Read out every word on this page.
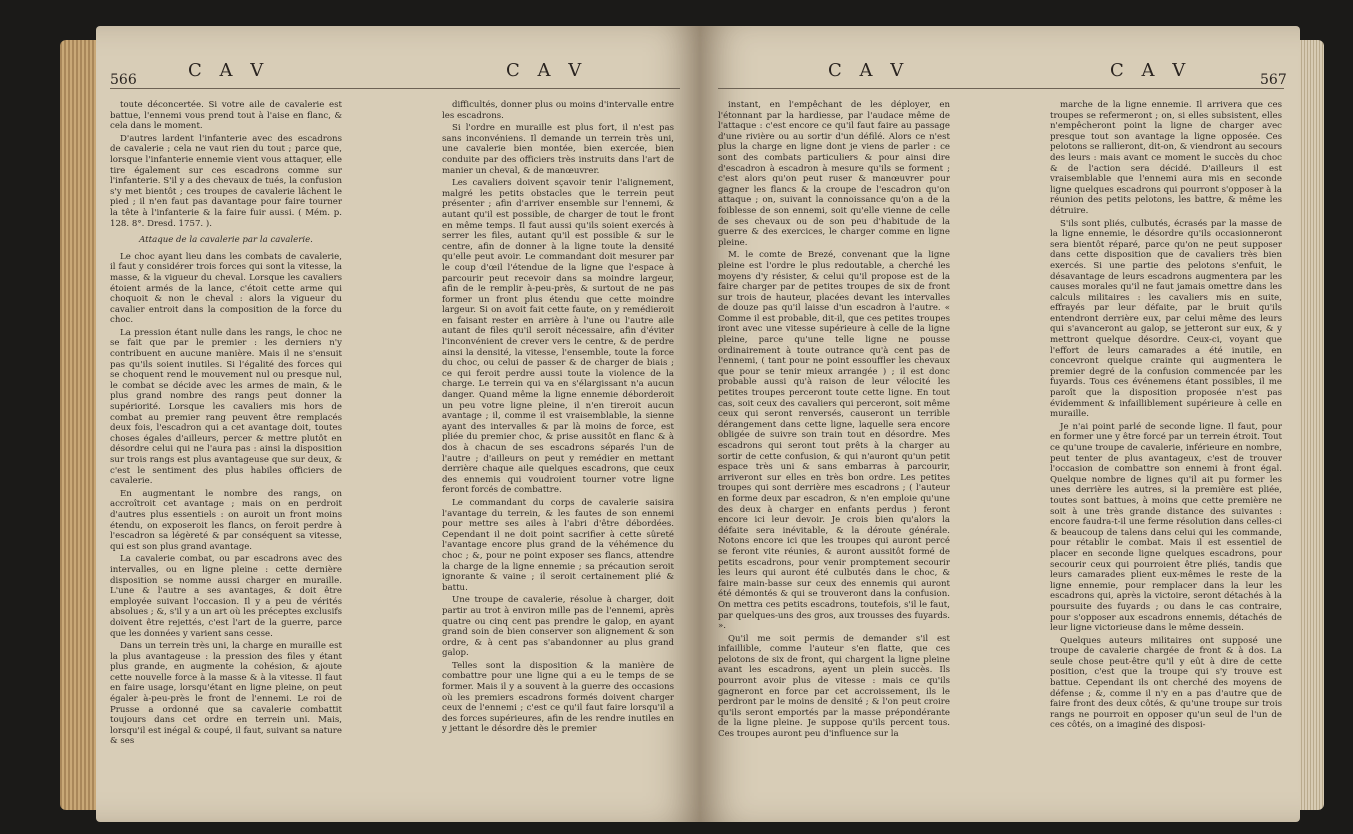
566	C A V	C A V

toute déconcertée. Si votre aile de cavalerie est battue, l'ennemi vous prend tout à l'aise en flanc, & cela dans le moment.

D'autres lardent l'infanterie avec des escadrons de cavalerie ; cela ne vaut rien du tout ; parce que, lorsque l'infanterie ennemie vient vous attaquer, elle tire également sur ces escadrons comme sur l'infanterie. S'il y a des chevaux de tués, la confusion s'y met bientôt ; ces troupes de cavalerie lâchent le pied ; il n'en faut pas davantage pour faire tourner la tête à l'infanterie & la faire fuir aussi. ( Mém. p. 128. 8°. Dresd. 1757. ).

Attaque de la cavalerie par la cavalerie.

Le choc ayant lieu dans les combats de cavalerie, il faut y considérer trois forces qui sont la vitesse, la masse, & la vigueur du cheval. Lorsque les cavaliers étoient armés de la lance, c'étoit cette arme qui choquoit & non le cheval : alors la vigueur du cavalier entroit dans la composition de la force du choc.

La pression étant nulle dans les rangs, le choc ne se fait que par le premier : les derniers n'y contribuent en aucune manière. Mais il ne s'ensuit pas qu'ils soient inutiles. Si l'égalité des forces qui se choquent rend le mouvement nul ou presque nul, le combat se décide avec les armes de main, & le plus grand nombre des rangs peut donner la supériorité. Lorsque les cavaliers mis hors de combat au premier rang peuvent être remplacés deux fois, l'escadron qui a cet avantage doit, toutes choses égales d'ailleurs, percer & mettre plutôt en désordre celui qui ne l'aura pas : ainsi la disposition sur trois rangs est plus avantageuse que sur deux, & c'est le sentiment des plus habiles officiers de cavalerie.

En augmentant le nombre des rangs, on accroîtroit cet avantage ; mais on en perdroit d'autres plus essentiels : on auroit un front moins étendu, on exposeroit les flancs, on feroit perdre à l'escadron sa légèreté & par conséquent sa vitesse, qui est son plus grand avantage.

La cavalerie combat, ou par escadrons avec des intervalles, ou en ligne pleine : cette dernière disposition se nomme aussi charger en muraille. L'une & l'autre a ses avantages, & doit être employée suivant l'occasion. Il y a peu de vérités absolues ; &, s'il y a un art où les préceptes exclusifs doivent être rejettés, c'est l'art de la guerre, parce que les données y varient sans cesse.

Dans un terrein très uni, la charge en muraille est la plus avantageuse : la pression des files y étant plus grande, en augmente la cohésion, & ajoute cette nouvelle force à la masse & à la vitesse. Il faut en faire usage, lorsqu'étant en ligne pleine, on peut égaler à-peu-près le front de l'ennemi. Le roi de Prusse a ordonné que sa cavalerie combattit toujours dans cet ordre en terrein uni. Mais, lorsqu'il est inégal & coupé, il faut, suivant sa nature & ses

difficultés, donner plus ou moins d'intervalle entre les escadrons.

Si l'ordre en muraille est plus fort, il n'est pas sans inconvéniens. Il demande un terrein très uni, une cavalerie bien montée, bien exercée, bien conduite par des officiers très instruits dans l'art de manier un cheval, & de manœuvrer.

Les cavaliers doivent sçavoir tenir l'alignement, malgré les petits obstacles que le terrein peut présenter ; afin d'arriver ensemble sur l'ennemi, & autant qu'il est possible, de charger de tout le front en même temps. Il faut aussi qu'ils soient exercés à serrer les files, autant qu'il est possible & sur le centre, afin de donner à la ligne toute la densité qu'elle peut avoir. Le commandant doit mesurer par le coup d'œil l'étendue de la ligne que l'espace à parcourir peut recevoir dans sa moindre largeur, afin de le remplir à-peu-près, & surtout de ne pas former un front plus étendu que cette moindre largeur. Si on avoit fait cette faute, on y remédieroit en faisant rester en arrière à l'une ou l'autre aile autant de files qu'il seroit nécessaire, afin d'éviter l'inconvénient de crever vers le centre, & de perdre ainsi la densité, la vitesse, l'ensemble, toute la force du choc, ou celui de passer & de charger de biais ; ce qui feroit perdre aussi toute la violence de la charge. Le terrein qui va en s'élargissant n'a aucun danger. Quand même la ligne ennemie déborderoit un peu votre ligne pleine, il n'en tireroit aucun avantage ; il, comme il est vraisemblable, la sienne ayant des intervalles & par là moins de force, est pliée du premier choc, & prise aussitôt en flanc & à dos à chacun de ses escadrons séparés l'un de l'autre ; d'ailleurs on peut y remédier en mettant derrière chaque aile quelques escadrons, que ceux des ennemis qui voudroient tourner votre ligne feront forcés de combattre.

Le commandant du corps de cavalerie saisira l'avantage du terrein, & les fautes de son ennemi pour mettre ses ailes à l'abri d'être débordées. Cependant il ne doit point sacrifier à cette sûreté l'avantage encore plus grand de la véhémence du choc ; &, pour ne point exposer ses flancs, attendre la charge de la ligne ennemie ; sa précaution seroit ignorante & vaine ; il seroit certainement plié & battu.

Une troupe de cavalerie, résolue à charger, doit partir au trot à environ mille pas de l'ennemi, après quatre ou cinq cent pas prendre le galop, en ayant grand soin de bien conserver son alignement & son ordre, & à cent pas s'abandonner au plus grand galop.

Telles sont la disposition & la manière de combattre pour une ligne qui a eu le temps de se former. Mais il y a souvent à la guerre des occasions où les premiers escadrons formés doivent charger ceux de l'ennemi ; c'est ce qu'il faut faire lorsqu'il a des forces supérieures, afin de les rendre inutiles en y jettant le désordre dès le premier

C A V	C A V	567

instant, en l'empêchant de les déployer, en l'étonnant par la hardiesse, par l'audace même de l'attaque : c'est encore ce qu'il faut faire au passage d'une rivière ou au sortir d'un défilé. Alors ce n'est plus la charge en ligne dont je viens de parler : ce sont des combats particuliers & pour ainsi dire d'escadron à escadron à mesure qu'ils se forment ; c'est alors qu'on peut ruser & manœuvrer pour gagner les flancs & la croupe de l'escadron qu'on attaque ; on, suivant la connoissance qu'on a de la foiblesse de son ennemi, soit qu'elle vienne de celle de ses chevaux ou de son peu d'habitude de la guerre & des exercices, le charger comme en ligne pleine.

M. le comte de Brezé, convenant que la ligne pleine est l'ordre le plus redoutable, a cherché les moyens d'y résister, & celui qu'il propose est de la faire charger par de petites troupes de six de front sur trois de hauteur, placées devant les intervalles de douze pas qu'il laisse d'un escadron à l'autre. « Comme il est probable, dit-il, que ces petites troupes iront avec une vitesse supérieure à celle de la ligne pleine, parce qu'une telle ligne ne pousse ordinairement à toute outrance qu'à cent pas de l'ennemi, ( tant pour ne point essouffler les chevaux que pour se tenir mieux arrangée ) ; il est donc probable aussi qu'à raison de leur vélocité les petites troupes perceront toute cette ligne. En tout cas, soit ceux des cavaliers qui perceront, soit même ceux qui seront renversés, causeront un terrible dérangement dans cette ligne, laquelle sera encore obligée de suivre son train tout en désordre. Mes escadrons qui seront tout prêts à la charger au sortir de cette confusion, & qui n'auront qu'un petit espace très uni & sans embarras à parcourir, arriveront sur elles en très bon ordre. Les petites troupes qui sont derrière mes escadrons ; ( l'auteur en forme deux par escadron, & n'en emploie qu'une des deux à charger en enfants perdus ) feront encore ici leur devoir. Je crois bien qu'alors la défaite sera inévitable, & la déroute générale. Notons encore ici que les troupes qui auront percé se feront vite réunies, & auront aussitôt formé de petits escadrons, pour venir promptement secourir les leurs qui auront été culbutés dans le choc, & faire main-basse sur ceux des ennemis qui auront été démontés & qui se trouveront dans la confusion. On mettra ces petits escadrons, toutefois, s'il le faut, par quelques-uns des gros, aux trousses des fuyards. ».

Qu'il me soit permis de demander s'il est infaillible, comme l'auteur s'en flatte, que ces pelotons de six de front, qui chargent la ligne pleine avant les escadrons, ayent un plein succès. Ils pourront avoir plus de vitesse : mais ce qu'ils gagneront en force par cet accroissement, ils le perdront par le moins de densité ; & l'on peut croire qu'ils seront emportés par la masse prépondérante de la ligne pleine. Je suppose qu'ils percent tous. Ces troupes auront peu d'influence sur la

marche de la ligne ennemie. Il arrivera que ces troupes se refermeront ; on, si elles subsistent, elles n'empêcheront point la ligne de charger avec presque tout son avantage la ligne opposée. Ces pelotons se rallieront, dit-on, & viendront au secours des leurs : mais avant ce moment le succès du choc & de l'action sera décidé. D'ailleurs il est vraisemblable que l'ennemi aura mis en seconde ligne quelques escadrons qui pourront s'opposer à la réunion des petits pelotons, les battre, & même les détruire.

S'ils sont pliés, culbutés, écrasés par la masse de la ligne ennemie, le désordre qu'ils occasionneront sera bientôt réparé, parce qu'on ne peut supposer dans cette disposition que de cavaliers très bien exercés. Si une partie des pelotons s'enfuit, le désavantage de leurs escadrons augmentera par les causes morales qu'il ne faut jamais omettre dans les calculs militaires : les cavaliers mis en suite, effrayés par leur défaite, par le bruit qu'ils entendront derrière eux, par celui même des leurs qui s'avanceront au galop, se jetteront sur eux, & y mettront quelque désordre. Ceux-ci, voyant que l'effort de leurs camarades a été inutile, en concevront quelque crainte qui augmentera le premier degré de la confusion commencée par les fuyards. Tous ces événemens étant possibles, il me paroît que la disposition proposée n'est pas évidemment & infailliblement supérieure à celle en muraille.

Je n'ai point parlé de seconde ligne. Il faut, pour en former une y être forcé par un terrein étroit. Tout ce qu'une troupe de cavalerie, inférieure en nombre, peut tenter de plus avantageux, c'est de trouver l'occasion de combattre son ennemi à front égal. Quelque nombre de lignes qu'il ait pu former les unes derrière les autres, si la première est pliée, toutes sont battues, à moins que cette première ne soit à une très grande distance des suivantes : encore faudra-t-il une ferme résolution dans celles-ci & beaucoup de talens dans celui qui les commande, pour rétablir le combat. Mais il est essentiel de placer en seconde ligne quelques escadrons, pour secourir ceux qui pourroient être pliés, tandis que leurs camarades plient eux-mêmes le reste de la ligne ennemie, pour remplacer dans la leur les escadrons qui, après la victoire, seront détachés à la poursuite des fuyards ; ou dans le cas contraire, pour s'opposer aux escadrons ennemis, détachés de leur ligne victorieuse dans le même dessein.

Quelques auteurs militaires ont supposé une troupe de cavalerie chargée de front & à dos. La seule chose peut-être qu'il y eût à dire de cette position, c'est que la troupe qui s'y trouve est battue. Cependant ils ont cherché des moyens de défense ; &, comme il n'y en a pas d'autre que de faire front des deux côtés, & qu'une troupe sur trois rangs ne pourroit en opposer qu'un seul de l'un de ces côtés, on a imaginé des disposi-
